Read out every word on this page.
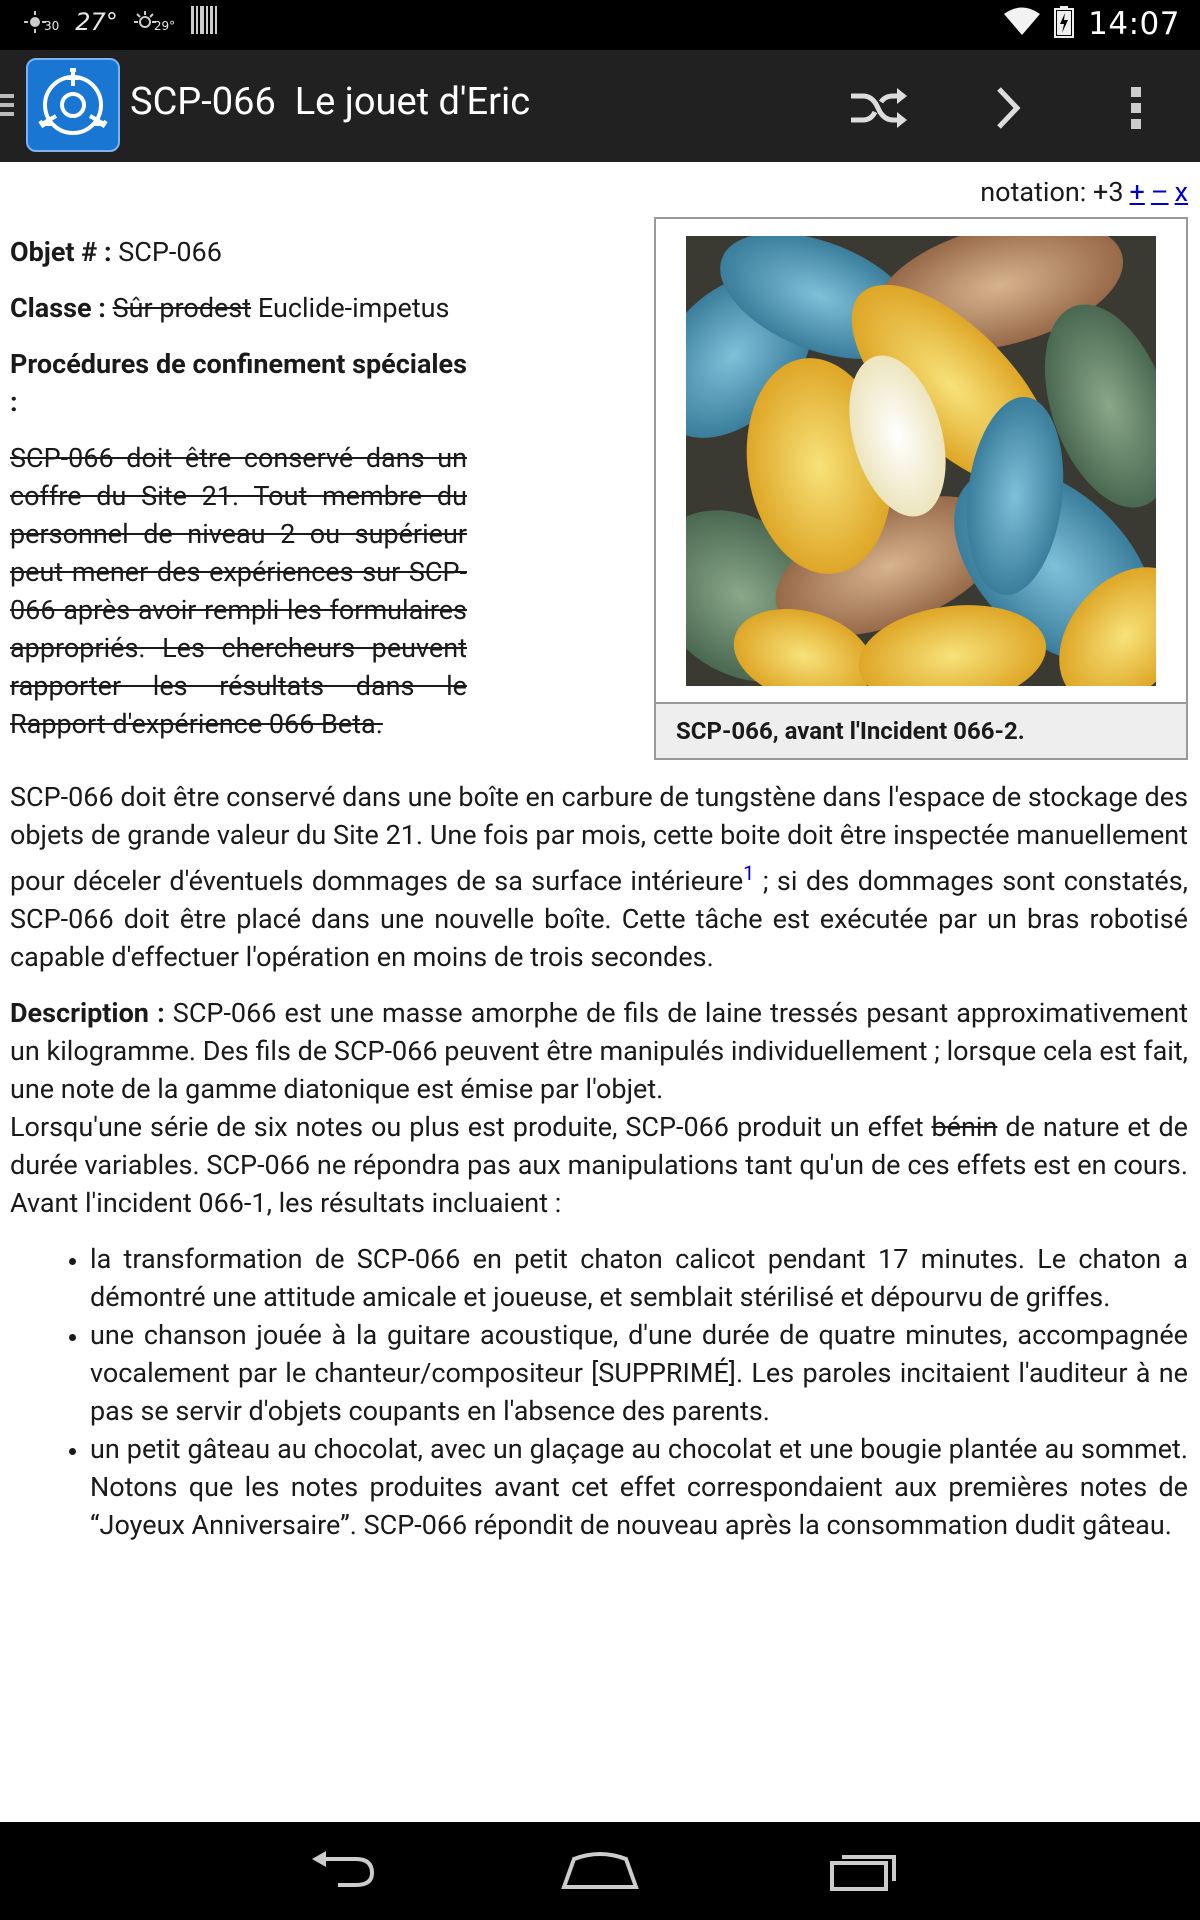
30 27°	29°	14:07
SCP-066  Le jouet d'Eric
notation: +3 + – x
SCP-066, avant l'Incident 066-2.

Objet # : SCP-066

Classe : Sûr prodest Euclide-impetus

Procédures de confinement spéciales :

SCP-066 doit être conservé dans un coffre du Site 21. Tout membre du personnel de niveau 2 ou supérieur peut mener des expériences sur SCP-066 après avoir rempli les formulaires appropriés. Les chercheurs peuvent rapporter les résultats dans le Rapport d'expérience 066 Beta.

SCP-066 doit être conservé dans une boîte en carbure de tungstène dans l'espace de stockage des objets de grande valeur du Site 21. Une fois par mois, cette boite doit être inspectée manuellement pour déceler d'éventuels dommages de sa surface intérieure$^1$ ; si des dommages sont constatés, SCP-066 doit être placé dans une nouvelle boîte. Cette tâche est exécutée par un bras robotisé capable d'effectuer l'opération en moins de trois secondes.

Description : SCP-066 est une masse amorphe de fils de laine tressés pesant approximativement un kilogramme. Des fils de SCP-066 peuvent être manipulés individuellement ; lorsque cela est fait, une note de la gamme diatonique est émise par l'objet.

Lorsqu'une série de six notes ou plus est produite, SCP-066 produit un effet bénin de nature et de durée variables. SCP-066 ne répondra pas aux manipulations tant qu'un de ces effets est en cours. Avant l'incident 066-1, les résultats incluaient :

• la transformation de SCP-066 en petit chaton calicot pendant 17 minutes. Le chaton a démontré une attitude amicale et joueuse, et semblait stérilisé et dépourvu de griffes.
• une chanson jouée à la guitare acoustique, d'une durée de quatre minutes, accompagnée vocalement par le chanteur/compositeur [SUPPRIMÉ]. Les paroles incitaient l'auditeur à ne pas se servir d'objets coupants en l'absence des parents.
• un petit gâteau au chocolat, avec un glaçage au chocolat et une bougie plantée au sommet. Notons que les notes produites avant cet effet correspondaient aux premières notes de “Joyeux Anniversaire”. SCP-066 répondit de nouveau après la consommation dudit gâteau.
